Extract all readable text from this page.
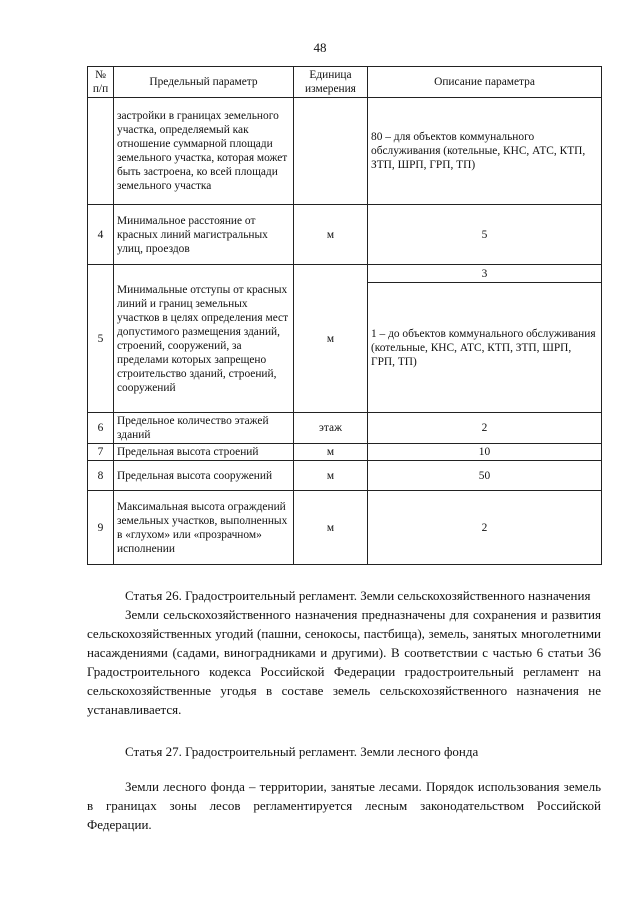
48
№ п/п	Предельный параметр	Единица измерения	Описание параметра
	застройки в границах земельного участка, определяемый как отношение суммарной площади земельного участка, которая может быть застроена, ко всей площади земельного участка		80 – для объектов коммунального обслуживания (котельные, КНС, АТС, КТП, ЗТП, ШРП, ГРП, ТП)
4	Минимальное расстояние от красных линий магистральных улиц, проездов	м	5
5	Минимальные отступы от красных линий и границ земельных участков в целях определения мест допустимого размещения зданий, строений, сооружений, за пределами которых запрещено строительство зданий, строений, сооружений	м	3
			1 – до объектов коммунального обслуживания (котельные, КНС, АТС, КТП, ЗТП, ШРП, ГРП, ТП)
6	Предельное количество этажей зданий	этаж	2
7	Предельная высота строений	м	10
8	Предельная высота сооружений	м	50
9	Максимальная высота ограждений земельных участков, выполненных в «глухом» или «прозрачном» исполнении	м	2

Статья 26. Градостроительный регламент. Земли сельскохозяйственного назначения

Земли сельскохозяйственного назначения предназначены для сохранения и развития сельскохозяйственных угодий (пашни, сенокосы, пастбища), земель, занятых многолетними насаждениями (садами, виноградниками и другими). В соответствии с частью 6 статьи 36 Градостроительного кодекса Российской Федерации градостроительный регламент на сельскохозяйственные угодья в составе земель сельскохозяйственного назначения не устанавливается.

Статья 27. Градостроительный регламент. Земли лесного фонда

Земли лесного фонда – территории, занятые лесами. Порядок использования земель в границах зоны лесов регламентируется лесным законодательством Российской Федерации.
